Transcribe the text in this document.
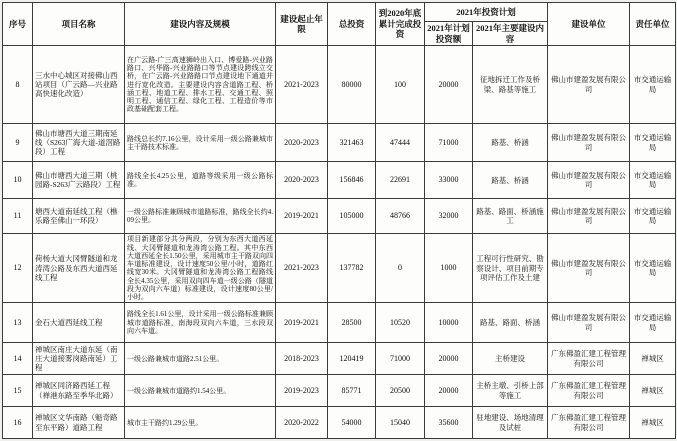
序号	项目名称	建设内容及规模	建设起止年限	总投资	到2020年底累计完成投资	2021年投资计划		建设单位	责任单位
						2021年计划投资额	2021年主要建设内容		
8	三水中心城区对接佛山西站项目（广云路—兴业路高快速化改造）	在广云路-广三高速狮岭出入口、博爱路-兴业路路口、兴华路-兴业路路口等节点建设跨线立交桥，在广云路-兴业路路口节点建设地下通道并进行宽化改造。主要建设内容含道路工程、桥涵工程、地道工程、排水工程、交通工程、照明工程、通信工程、绿化工程、工程造价等市政基础配套工程。	2021-2023	80000	100	20000	征地拆迁工作及桥梁、路基等施工	佛山市建盈发展有限公司	市交通运输局
9	佛山市塘西大道三期南延线（S263广海大道-道滘路段）工程	路线总长约7.16公里，设计采用一级公路兼城市主干路技术标准。	2020-2023	321463	47444	71000	路基、桥涵	佛山市建盈发展有限公司	市交通运输局
10	佛山市塘西大道三期（桃园路-S263广云路段）工程	路线全长4.25公里，道路等级采用一级公路标准。	2020-2023	156846	22691	33000	路基、桥涵	佛山市建盈发展有限公司	市交通运输局
11	塘西大道南延线工程（樵乐路至佛山一环段）	一级公路标准兼顾城市道路标准，路线全长约4.09公里。	2019-2021	105000	48766	32000	路基、路面、桥涵施工	佛山市建盈发展有限公司	市交通运输局
12	荷杨大道大冈臂隧道和龙涛湾公路及东西大道西延线工程	项目新建部分共分两段，分别为东西大道西延线、大冈臂隧道和龙涛湾公路工程。其中东西大道西延全长1.50公里，采用城市主干路双向四车道标准建设，设计速度50公里/小时，道路红线宽30米。大冈臂隧道和龙涛湾公路工程路线全长4.35公里，采用双向四车道一级公路（隧道段为双向六车道）标准建设，设计速度80公里/小时。	2021-2023	137782	0	1000	工程可行性研究、勘察设计、项目前期专项评估工作及土建	佛山市建盈发展有限公司	市交通运输局
13	金石大道西延线工程	路线全长1.61公里，设计采用一级公路标准兼顾城市道路标准，南海段双向六车道，三水段双向六车道。	2019-2021	28500	10520	10000	路基、路面、桥涵	佛山市建盈发展有限公司	市交通运输局
14	禅城区南庄大道东延（南庄大道接雾岗路南延）工程	一级公路兼城市道路2.51公里。	2018-2023	120419	71000	20000	主桥建设	广东佛盈汇建工程管理有限公司	禅城区
15	禅城区同济路西延工程（禅港东路至季华北路）	一级公路兼城市道路约1.54公里。	2019-2023	85771	20500	20000	主桥主墩、引桥上部等施工	广东佛盈汇建工程管理有限公司	禅城区
16	禅城区文华南路（魁奇路至东平路）道路工程	城市主干路约1.29公里。	2020-2022	54000	15040	35600	驻地建设、场地清理及试桩	广东佛盈汇建工程管理有限公司	禅城区
